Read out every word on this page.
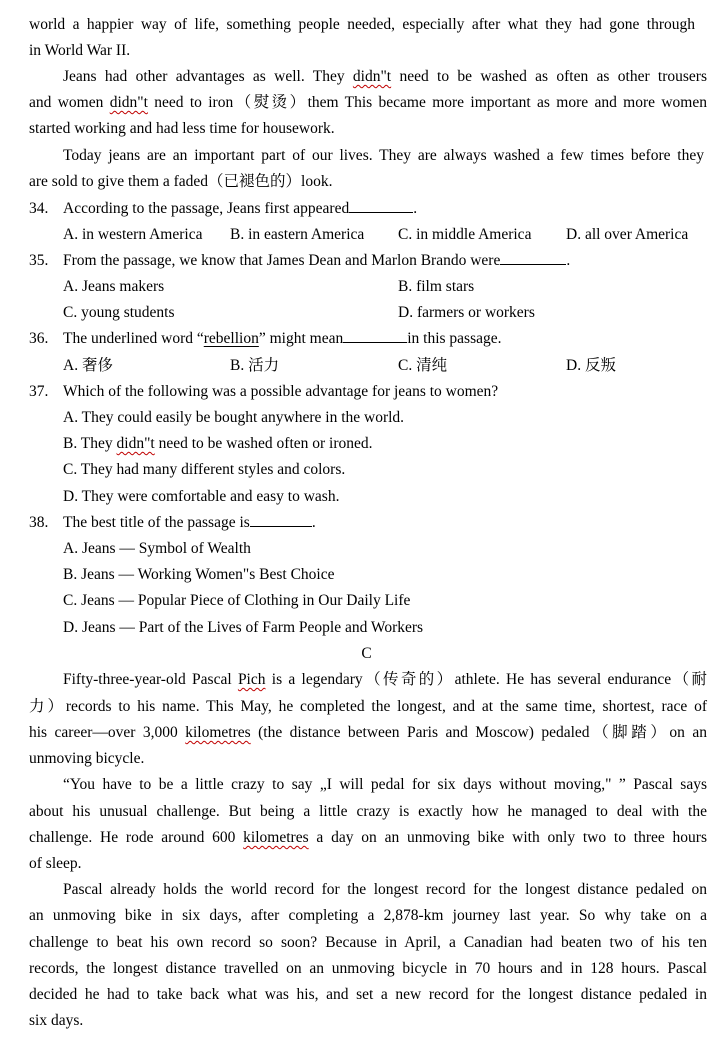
world a happier way of life, something people needed, especially after what they had gone through
in World War II.
Jeans had other advantages as well. They didn"t need to be washed as often as other trousers
and women didn"t need to iron（熨烫）them This became more important as more and more women
started working and had less time for housework.
Today jeans are an important part of our lives. They are always washed a few times before they
are sold to give them a faded（已褪色的）look.
34. According to the passage, Jeans first appeared	.
A. in western America B. in eastern America C. in middle America D. all over America
35. From the passage, we know that James Dean and Marlon Brando were	.
A. Jeans makers	B. film stars
C. young students	D. farmers or workers
36. The underlined word “rebellion” might mean	in this passage.
A. 奢侈	B. 活力	C. 清纯	D. 反叛
37. Which of the following was a possible advantage for jeans to women?
A. They could easily be bought anywhere in the world.
B. They didn"t need to be washed often or ironed.
C. They had many different styles and colors.
D. They were comfortable and easy to wash.
38. The best title of the passage is	.
A. Jeans — Symbol of Wealth
B. Jeans — Working Women"s Best Choice
C. Jeans — Popular Piece of Clothing in Our Daily Life
D. Jeans — Part of the Lives of Farm People and Workers
C
Fifty-three-year-old Pascal Pich is a legendary（传奇的）athlete. He has several endurance（耐
力）records to his name. This May, he completed the longest, and at the same time, shortest, race of
his career—over 3,000 kilometres (the distance between Paris and Moscow) pedaled（脚踏）on an
unmoving bicycle.
“You have to be a little crazy to say „I will pedal for six days without moving," ” Pascal says
about his unusual challenge. But being a little crazy is exactly how he managed to deal with the
challenge. He rode around 600 kilometres a day on an unmoving bike with only two to three hours
of sleep.
Pascal already holds the world record for the longest record for the longest distance pedaled on
an unmoving bike in six days, after completing a 2,878-km journey last year. So why take on a
challenge to beat his own record so soon? Because in April, a Canadian had beaten two of his ten
records, the longest distance travelled on an unmoving bicycle in 70 hours and in 128 hours. Pascal
decided he had to take back what was his, and set a new record for the longest distance pedaled in
six days.
